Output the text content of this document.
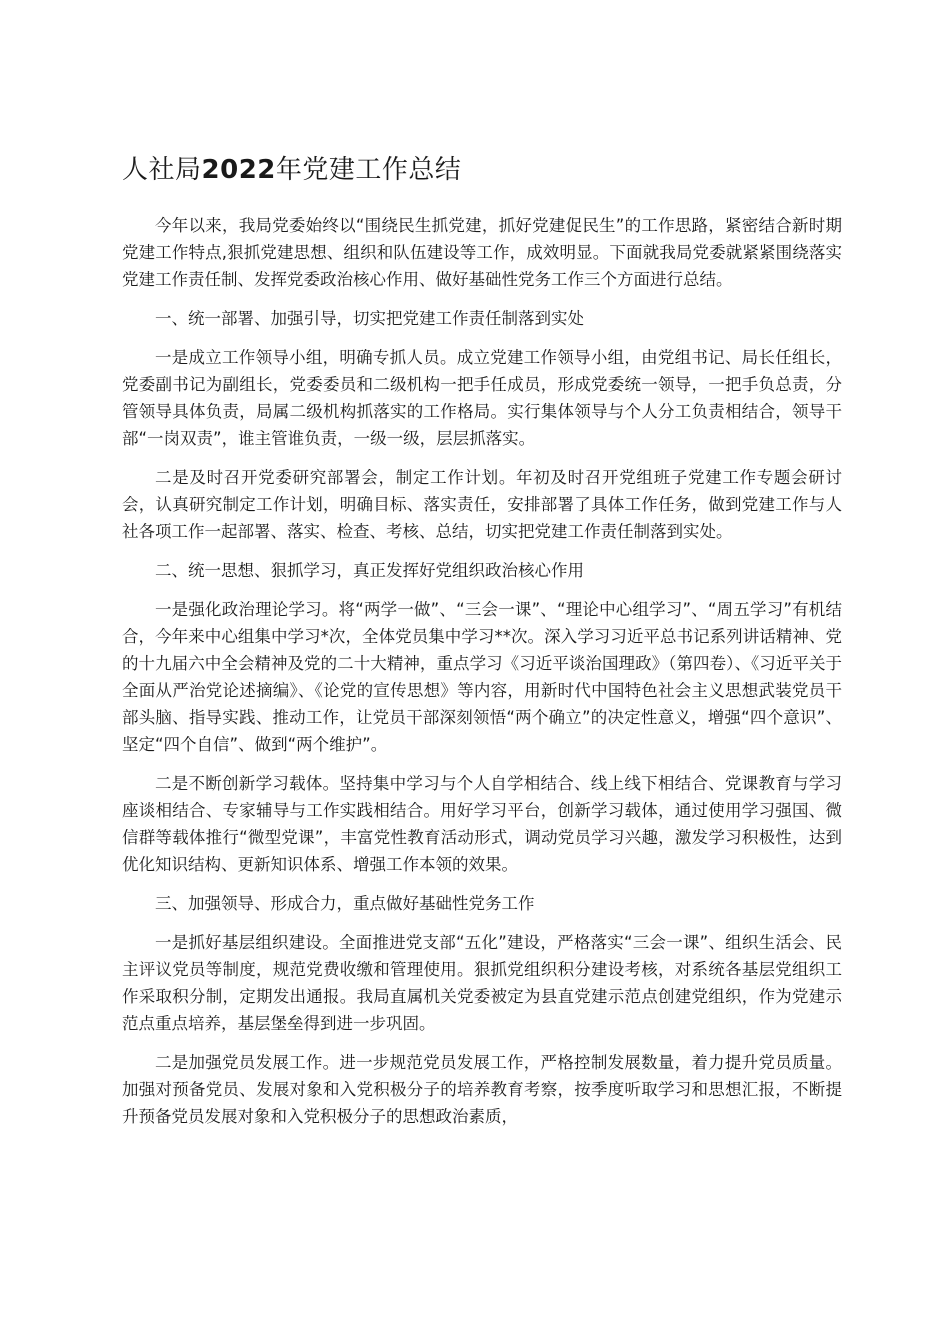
人社局2022年党建工作总结

今年以来，我局党委始终以“围绕民生抓党建，抓好党建促民生”的工作思路，紧密结合新时期党建工作特点,狠抓党建思想、组织和队伍建设等工作，成效明显。下面就我局党委就紧紧围绕落实党建工作责任制、发挥党委政治核心作用、做好基础性党务工作三个方面进行总结。

一、统一部署、加强引导，切实把党建工作责任制落到实处

一是成立工作领导小组，明确专抓人员。成立党建工作领导小组，由党组书记、局长任组长，党委副书记为副组长，党委委员和二级机构一把手任成员，形成党委统一领导，一把手负总责，分管领导具体负责，局属二级机构抓落实的工作格局。实行集体领导与个人分工负责相结合，领导干部“一岗双责”，谁主管谁负责，一级一级，层层抓落实。

二是及时召开党委研究部署会，制定工作计划。年初及时召开党组班子党建工作专题会研讨会，认真研究制定工作计划，明确目标、落实责任，安排部署了具体工作任务，做到党建工作与人社各项工作一起部署、落实、检查、考核、总结，切实把党建工作责任制落到实处。

二、统一思想、狠抓学习，真正发挥好党组织政治核心作用

一是强化政治理论学习。将“两学一做”、“三会一课”、“理论中心组学习”、“周五学习”有机结合，今年来中心组集中学习*次，全体党员集中学习**次。深入学习习近平总书记系列讲话精神、党的十九届六中全会精神及党的二十大精神，重点学习《习近平谈治国理政》（第四卷）、《习近平关于全面从严治党论述摘编》、《论党的宣传思想》等内容，用新时代中国特色社会主义思想武装党员干部头脑、指导实践、推动工作，让党员干部深刻领悟“两个确立”的决定性意义，增强“四个意识”、坚定“四个自信”、做到“两个维护”。

二是不断创新学习载体。坚持集中学习与个人自学相结合、线上线下相结合、党课教育与学习座谈相结合、专家辅导与工作实践相结合。用好学习平台，创新学习载体，通过使用学习强国、微信群等载体推行“微型党课”，丰富党性教育活动形式，调动党员学习兴趣，激发学习积极性，达到优化知识结构、更新知识体系、增强工作本领的效果。

三、加强领导、形成合力，重点做好基础性党务工作

一是抓好基层组织建设。全面推进党支部“五化”建设，严格落实“三会一课”、组织生活会、民主评议党员等制度，规范党费收缴和管理使用。狠抓党组织积分建设考核，对系统各基层党组织工作采取积分制，定期发出通报。我局直属机关党委被定为县直党建示范点创建党组织，作为党建示范点重点培养，基层堡垒得到进一步巩固。

二是加强党员发展工作。进一步规范党员发展工作，严格控制发展数量，着力提升党员质量。加强对预备党员、发展对象和入党积极分子的培养教育考察，按季度听取学习和思想汇报，不断提升预备党员发展对象和入党积极分子的思想政治素质，
